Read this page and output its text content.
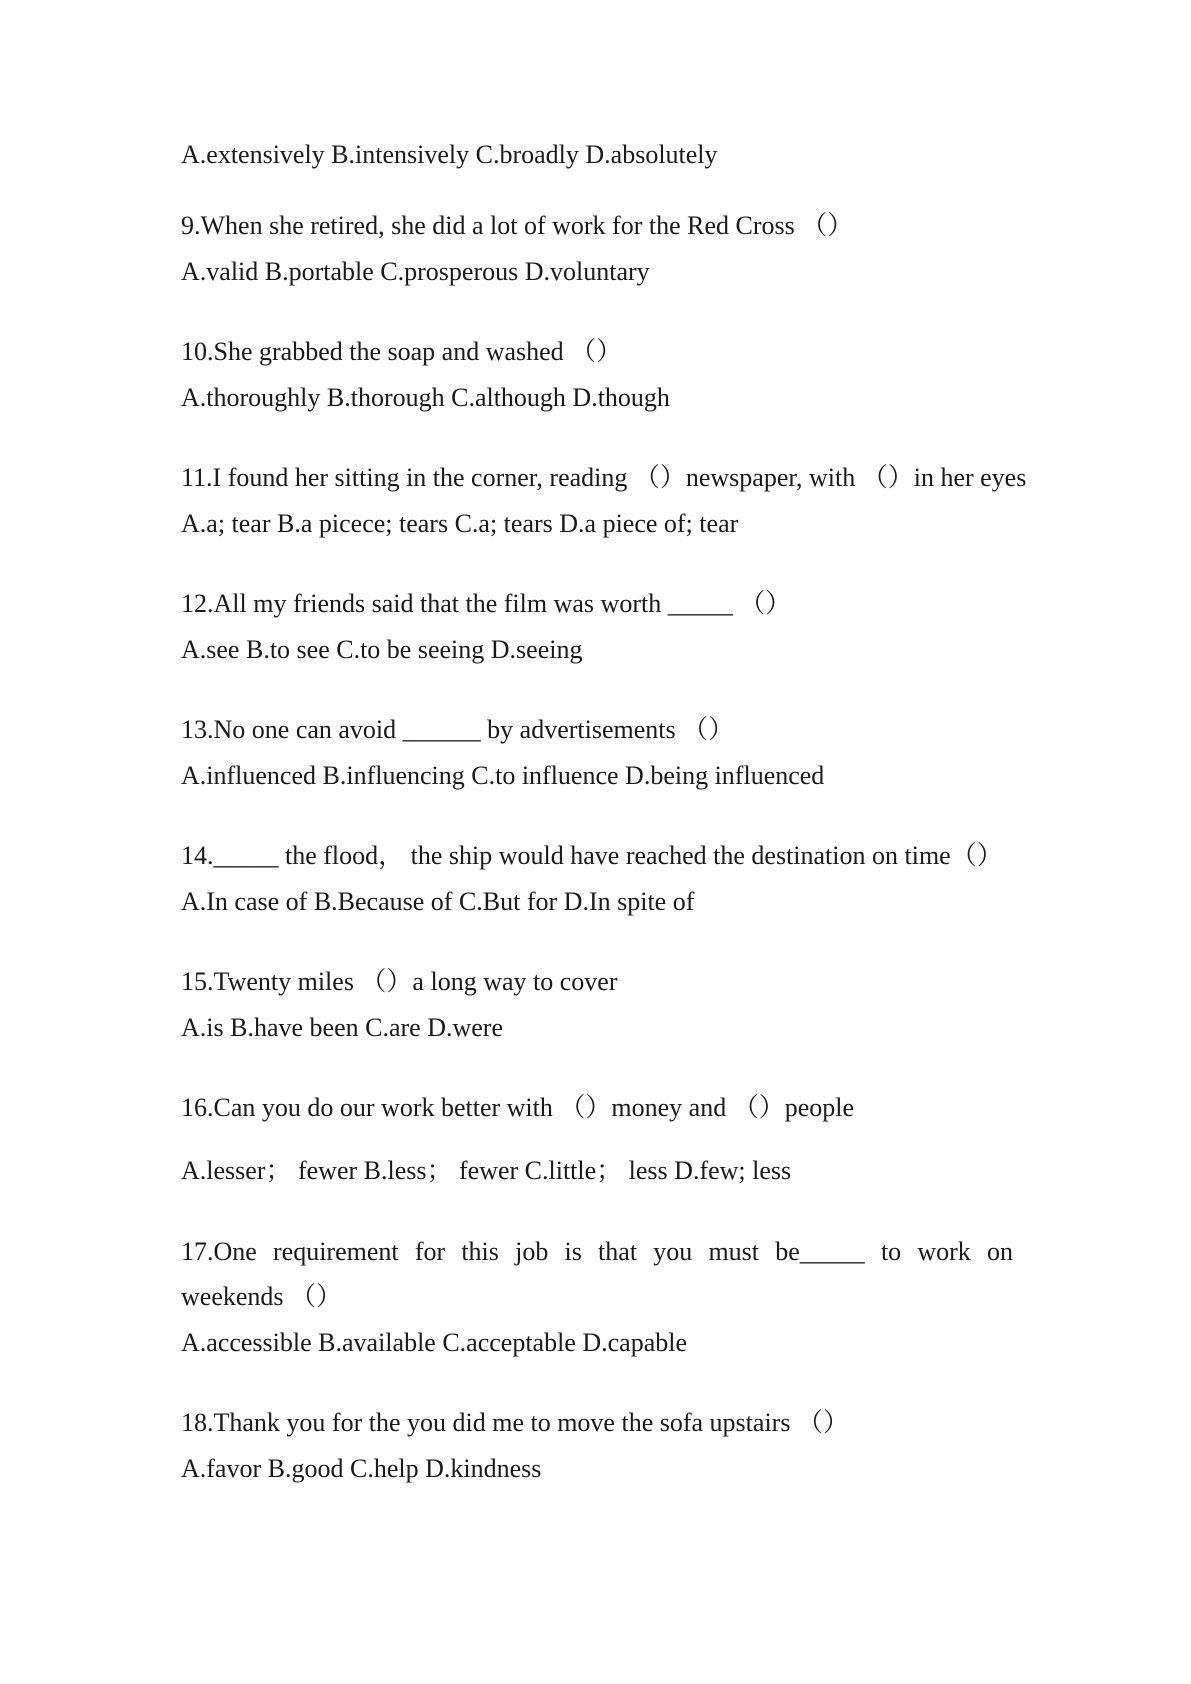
A.extensively B.intensively C.broadly D.absolutely
9.When she retired, she did a lot of work for the Red Cross （）
A.valid B.portable C.prosperous D.voluntary
10.She grabbed the soap and washed （）
A.thoroughly B.thorough C.although D.though
11.I found her sitting in the corner, reading （）newspaper, with （）in her eyes
A.a; tear B.a picece; tears C.a; tears D.a piece of; tear
12.All my friends said that the film was worth _____ （）
A.see B.to see C.to be seeing D.seeing
13.No one can avoid ______ by advertisements （）
A.influenced B.influencing C.to influence D.being influenced
14._____ the flood， the ship would have reached the destination on time（）
A.In case of B.Because of C.But for D.In spite of
15.Twenty miles （）a long way to cover
A.is B.have been C.are D.were
16.Can you do our work better with （）money and （）people
A.lesser； fewer B.less； fewer C.little； less D.few; less
17.One requirement for this job is that you must be_____ to work on
weekends （）
A.accessible B.available C.acceptable D.capable
18.Thank you for the you did me to move the sofa upstairs （）
A.favor B.good C.help D.kindness
